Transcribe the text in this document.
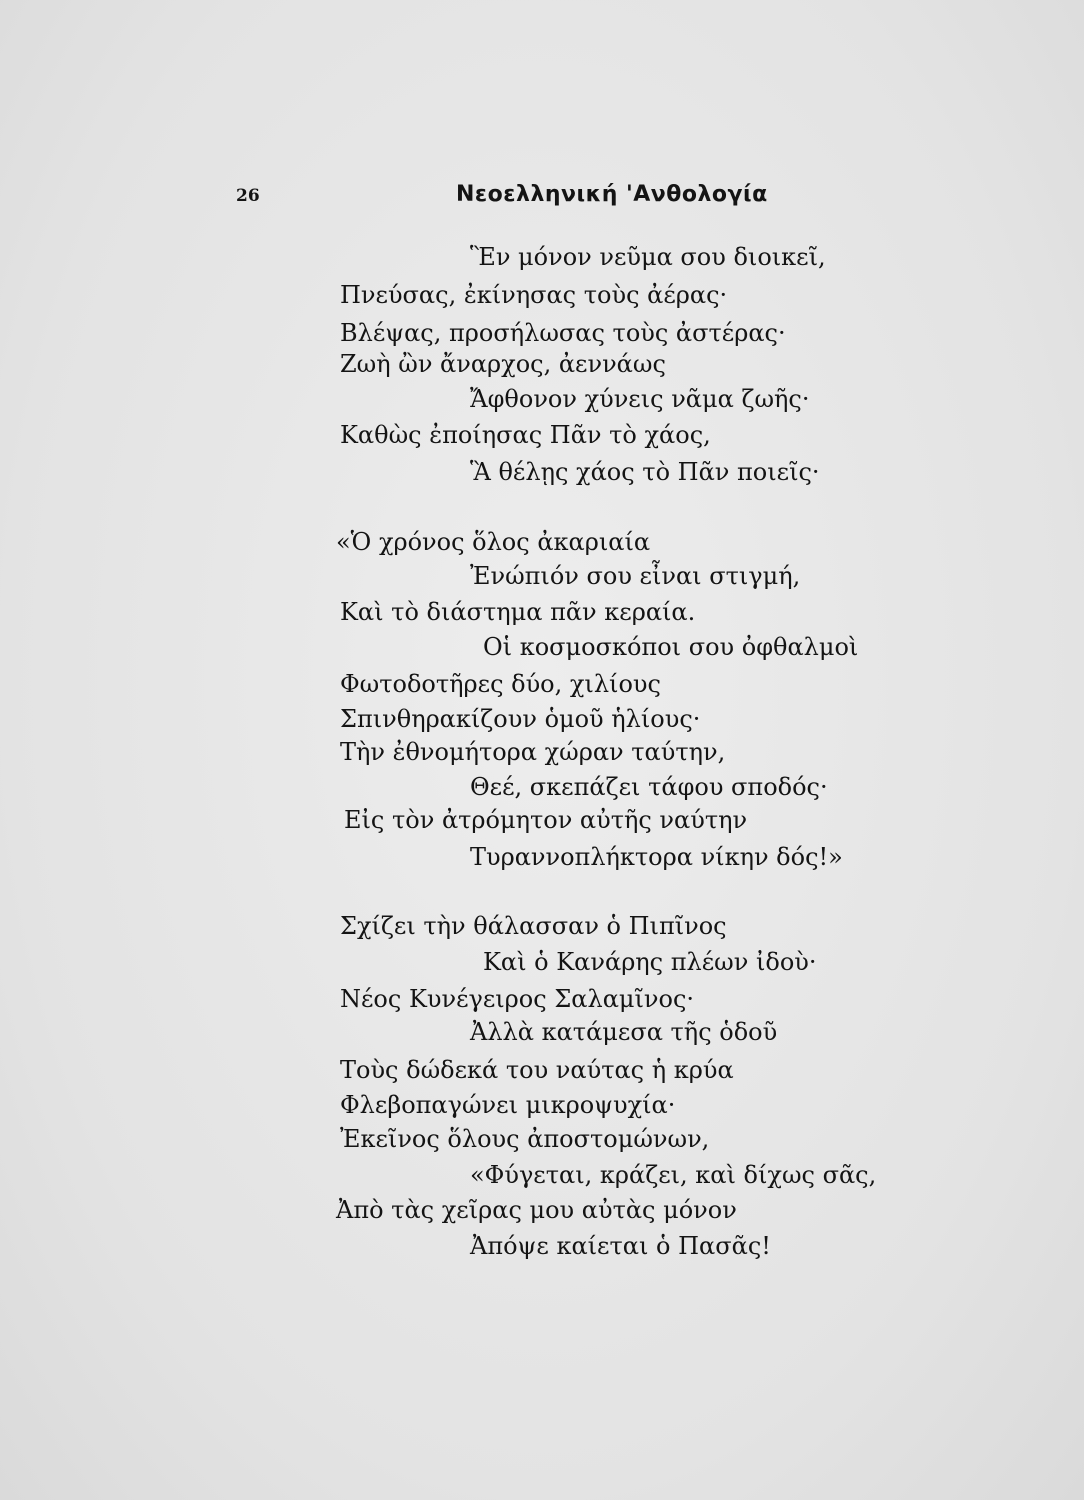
26	Νεοελληνική 'Ανθολογία
Ἓν μόνον νεῦμα σου διοικεῖ,
Πνεύσας, ἐκίνησας τοὺς ἀέρας·
Βλέψας, προσήλωσας τοὺς ἀστέρας·
Ζωὴ ὢν ἄναρχος, ἀεννάως
Ἄφθονον χύνεις νᾶμα ζωῆς·
Καθὼς ἐποίησας Πᾶν τὸ χάος,
Ἃ θέλῃς χάος τὸ Πᾶν ποιεῖς·
«Ὁ χρόνος ὅλος ἀκαριαία
Ἐνώπιόν σου εἶναι στιγμή,
Καὶ τὸ διάστημα πᾶν κεραία.
Οἱ κοσμοσκόποι σου ὀφθαλμοὶ
Φωτοδοτῆρες δύο, χιλίους
Σπινθηρακίζουν ὁμοῦ ἡλίους·
Τὴν ἐθνομήτορα χώραν ταύτην,
Θεέ, σκεπάζει τάφου σποδός·
Εἰς τὸν ἀτρόμητον αὐτῆς ναύτην
Τυραννοπλήκτορα νίκην δός!»
Σχίζει τὴν θάλασσαν ὁ Πιπῖνος
Καὶ ὁ Κανάρης πλέων ἰδοὺ·
Νέος Κυνέγειρος Σαλαμῖνος·
Ἀλλὰ κατάμεσα τῆς ὁδοῦ
Τοὺς δώδεκά του ναύτας ἡ κρύα
Φλεβοπαγώνει μικροψυχία·
Ἐκεῖνος ὅλους ἀποστομώνων,
«Φύγεται, κράζει, καὶ δίχως σᾶς,
Ἀπὸ τὰς χεῖρας μου αὐτὰς μόνον
Ἀπόψε καίεται ὁ Πασᾶς!
